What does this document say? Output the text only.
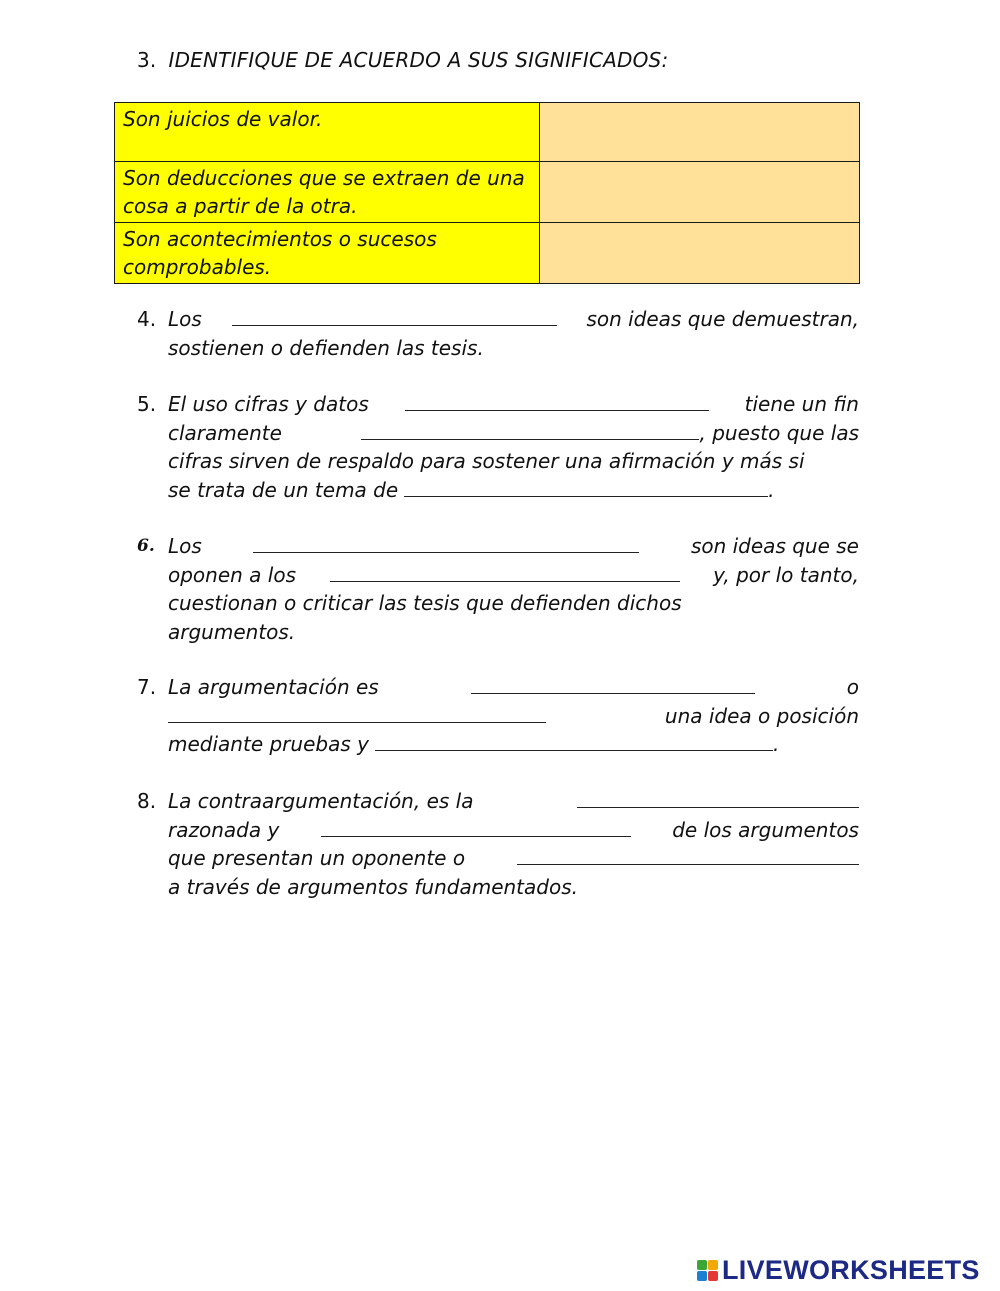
3. IDENTIFIQUE DE ACUERDO A SUS SIGNIFICADOS:
Son juicios de valor.	
Son deducciones que se extraen de una cosa a partir de la otra.	
Son acontecimientos o sucesos comprobables.	
4. Los	son ideas que demuestran,
sostienen o defienden las tesis.
5. El uso cifras y datos	tiene un fin
claramente	, puesto que las
cifras sirven de respaldo para sostener una afirmación y más si
se trata de un tema de	.
6. Los	son ideas que se
oponen a los	y, por lo tanto,
cuestionan o criticar las tesis que defienden dichos
argumentos.
7. La argumentación es	o
una idea o posición
mediante pruebas y	.
8. La contraargumentación, es la
razonada y	de los argumentos
que presentan un oponente o
a través de argumentos fundamentados.
LIVEWORKSHEETS
